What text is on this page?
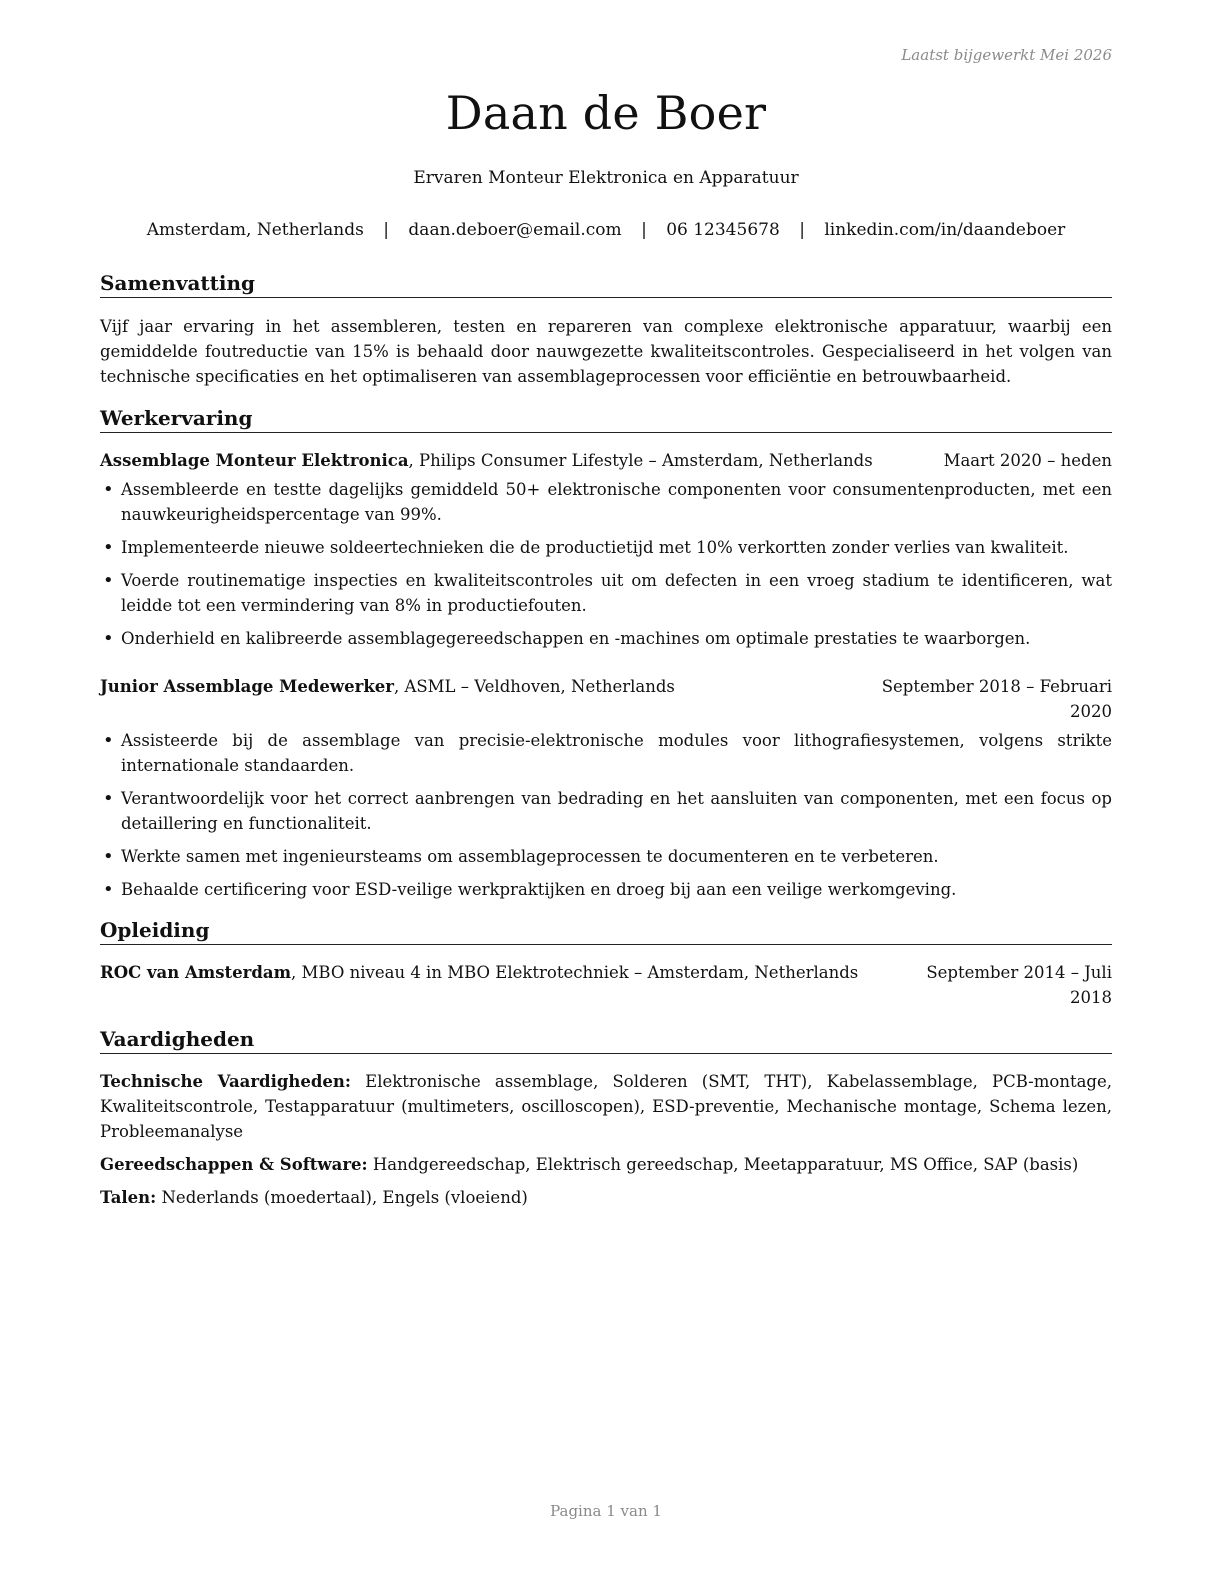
Laatst bijgewerkt Mei 2026
Daan de Boer
Ervaren Monteur Elektronica en Apparatuur
Amsterdam, Netherlands | daan.deboer@email.com | 06 12345678 | linkedin.com/in/daandeboer
Samenvatting
Vijf jaar ervaring in het assembleren, testen en repareren van complexe elektronische apparatuur, waarbij een gemiddelde foutreductie van 15% is behaald door nauwgezette kwaliteitscontroles. Gespecialiseerd in het volgen van technische specificaties en het optimaliseren van assemblageprocessen voor efficiëntie en betrouwbaarheid.
Werkervaring
Assemblage Monteur Elektronica, Philips Consumer Lifestyle – Amsterdam, Netherlands	Maart 2020 – heden
• Assembleerde en testte dagelijks gemiddeld 50+ elektronische componenten voor consumentenproducten, met een nauwkeurigheidspercentage van 99%.
• Implementeerde nieuwe soldeertechnieken die de productietijd met 10% verkortten zonder verlies van kwaliteit.
• Voerde routinematige inspecties en kwaliteitscontroles uit om defecten in een vroeg stadium te identificeren, wat leidde tot een vermindering van 8% in productiefouten.
• Onderhield en kalibreerde assemblagegereedschappen en -machines om optimale prestaties te waarborgen.
Junior Assemblage Medewerker, ASML – Veldhoven, Netherlands	September 2018 – Februari 2020
• Assisteerde bij de assemblage van precisie-elektronische modules voor lithografiesystemen, volgens strikte internationale standaarden.
• Verantwoordelijk voor het correct aanbrengen van bedrading en het aansluiten van componenten, met een focus op detaillering en functionaliteit.
• Werkte samen met ingenieursteams om assemblageprocessen te documenteren en te verbeteren.
• Behaalde certificering voor ESD-veilige werkpraktijken en droeg bij aan een veilige werkomgeving.
Opleiding
ROC van Amsterdam, MBO niveau 4 in MBO Elektrotechniek – Amsterdam, Netherlands	September 2014 – Juli 2018
Vaardigheden
Technische Vaardigheden: Elektronische assemblage, Solderen (SMT, THT), Kabelassemblage, PCB-montage, Kwaliteitscontrole, Testapparatuur (multimeters, oscilloscopen), ESD-preventie, Mechanische montage, Schema lezen, Probleemanalyse
Gereedschappen & Software: Handgereedschap, Elektrisch gereedschap, Meetapparatuur, MS Office, SAP (basis)
Talen: Nederlands (moedertaal), Engels (vloeiend)
Pagina 1 van 1
